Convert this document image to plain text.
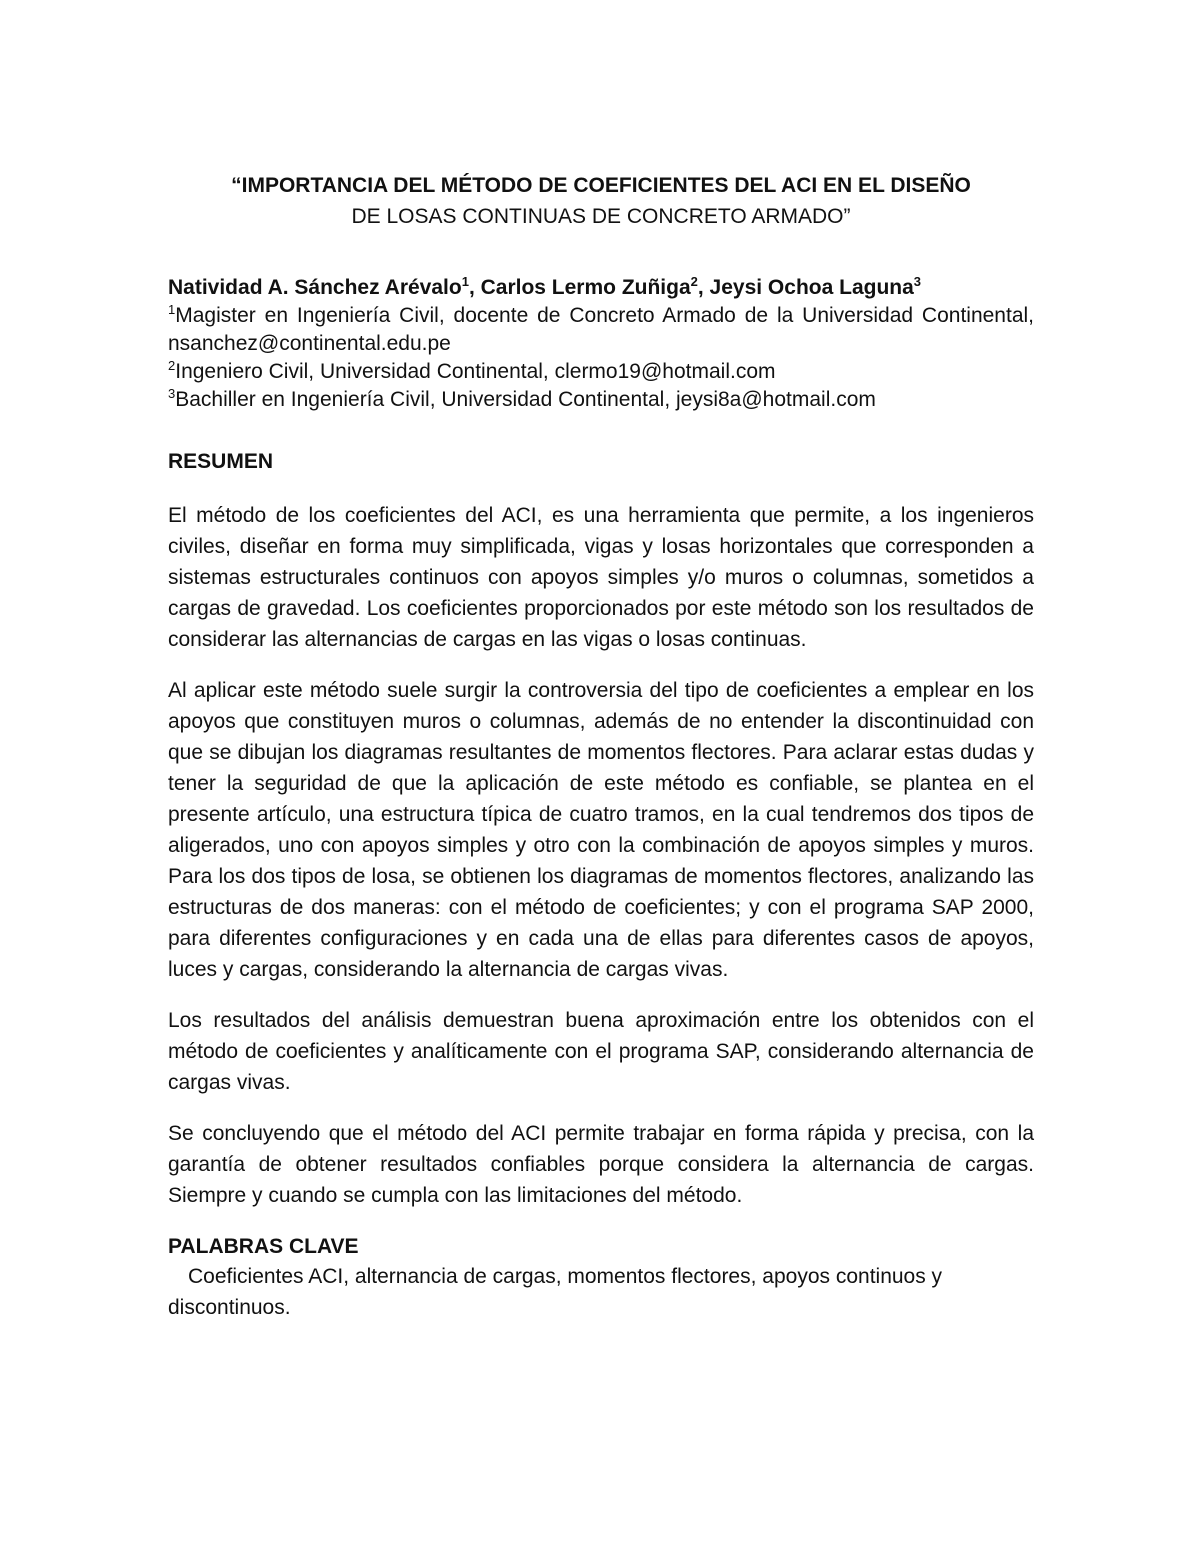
“IMPORTANCIA DEL MÉTODO DE COEFICIENTES DEL ACI EN EL DISEÑO
DE LOSAS CONTINUAS DE CONCRETO ARMADO”
Natividad A. Sánchez Arévalo$^1$, Carlos Lermo Zuñiga$^2$, Jeysi Ochoa Laguna$^3$

$^1$Magister en Ingeniería Civil, docente de Concreto Armado de la Universidad Continental, nsanchez@continental.edu.pe

$^2$Ingeniero Civil, Universidad Continental, clermo19@hotmail.com

$^3$Bachiller en Ingeniería Civil, Universidad Continental, jeysi8a@hotmail.com

RESUMEN

El método de los coeficientes del ACI, es una herramienta que permite, a los ingenieros civiles, diseñar en forma muy simplificada, vigas y losas horizontales que corresponden a sistemas estructurales continuos con apoyos simples y/o muros o columnas, sometidos a cargas de gravedad. Los coeficientes proporcionados por este método son los resultados de considerar las alternancias de cargas en las vigas o losas continuas.

Al aplicar este método suele surgir la controversia del tipo de coeficientes a emplear en los apoyos que constituyen muros o columnas, además de no entender la discontinuidad con que se dibujan los diagramas resultantes de momentos flectores. Para aclarar estas dudas y tener la seguridad de que la aplicación de este método es confiable, se plantea en el presente artículo, una estructura típica de cuatro tramos, en la cual tendremos dos tipos de aligerados, uno con apoyos simples y otro con la combinación de apoyos simples y muros. Para los dos tipos de losa, se obtienen los diagramas de momentos flectores, analizando las estructuras de dos maneras: con el método de coeficientes; y con el programa SAP 2000, para diferentes configuraciones y en cada una de ellas para diferentes casos de apoyos, luces y cargas, considerando la alternancia de cargas vivas.

Los resultados del análisis demuestran buena aproximación entre los obtenidos con el método de coeficientes y analíticamente con el programa SAP, considerando alternancia de cargas vivas.

Se concluyendo que el método del ACI permite trabajar en forma rápida y precisa, con la garantía de obtener resultados confiables porque considera la alternancia de cargas. Siempre y cuando se cumpla con las limitaciones del método.

PALABRAS CLAVE

Coeficientes ACI, alternancia de cargas, momentos flectores, apoyos continuos y discontinuos.
